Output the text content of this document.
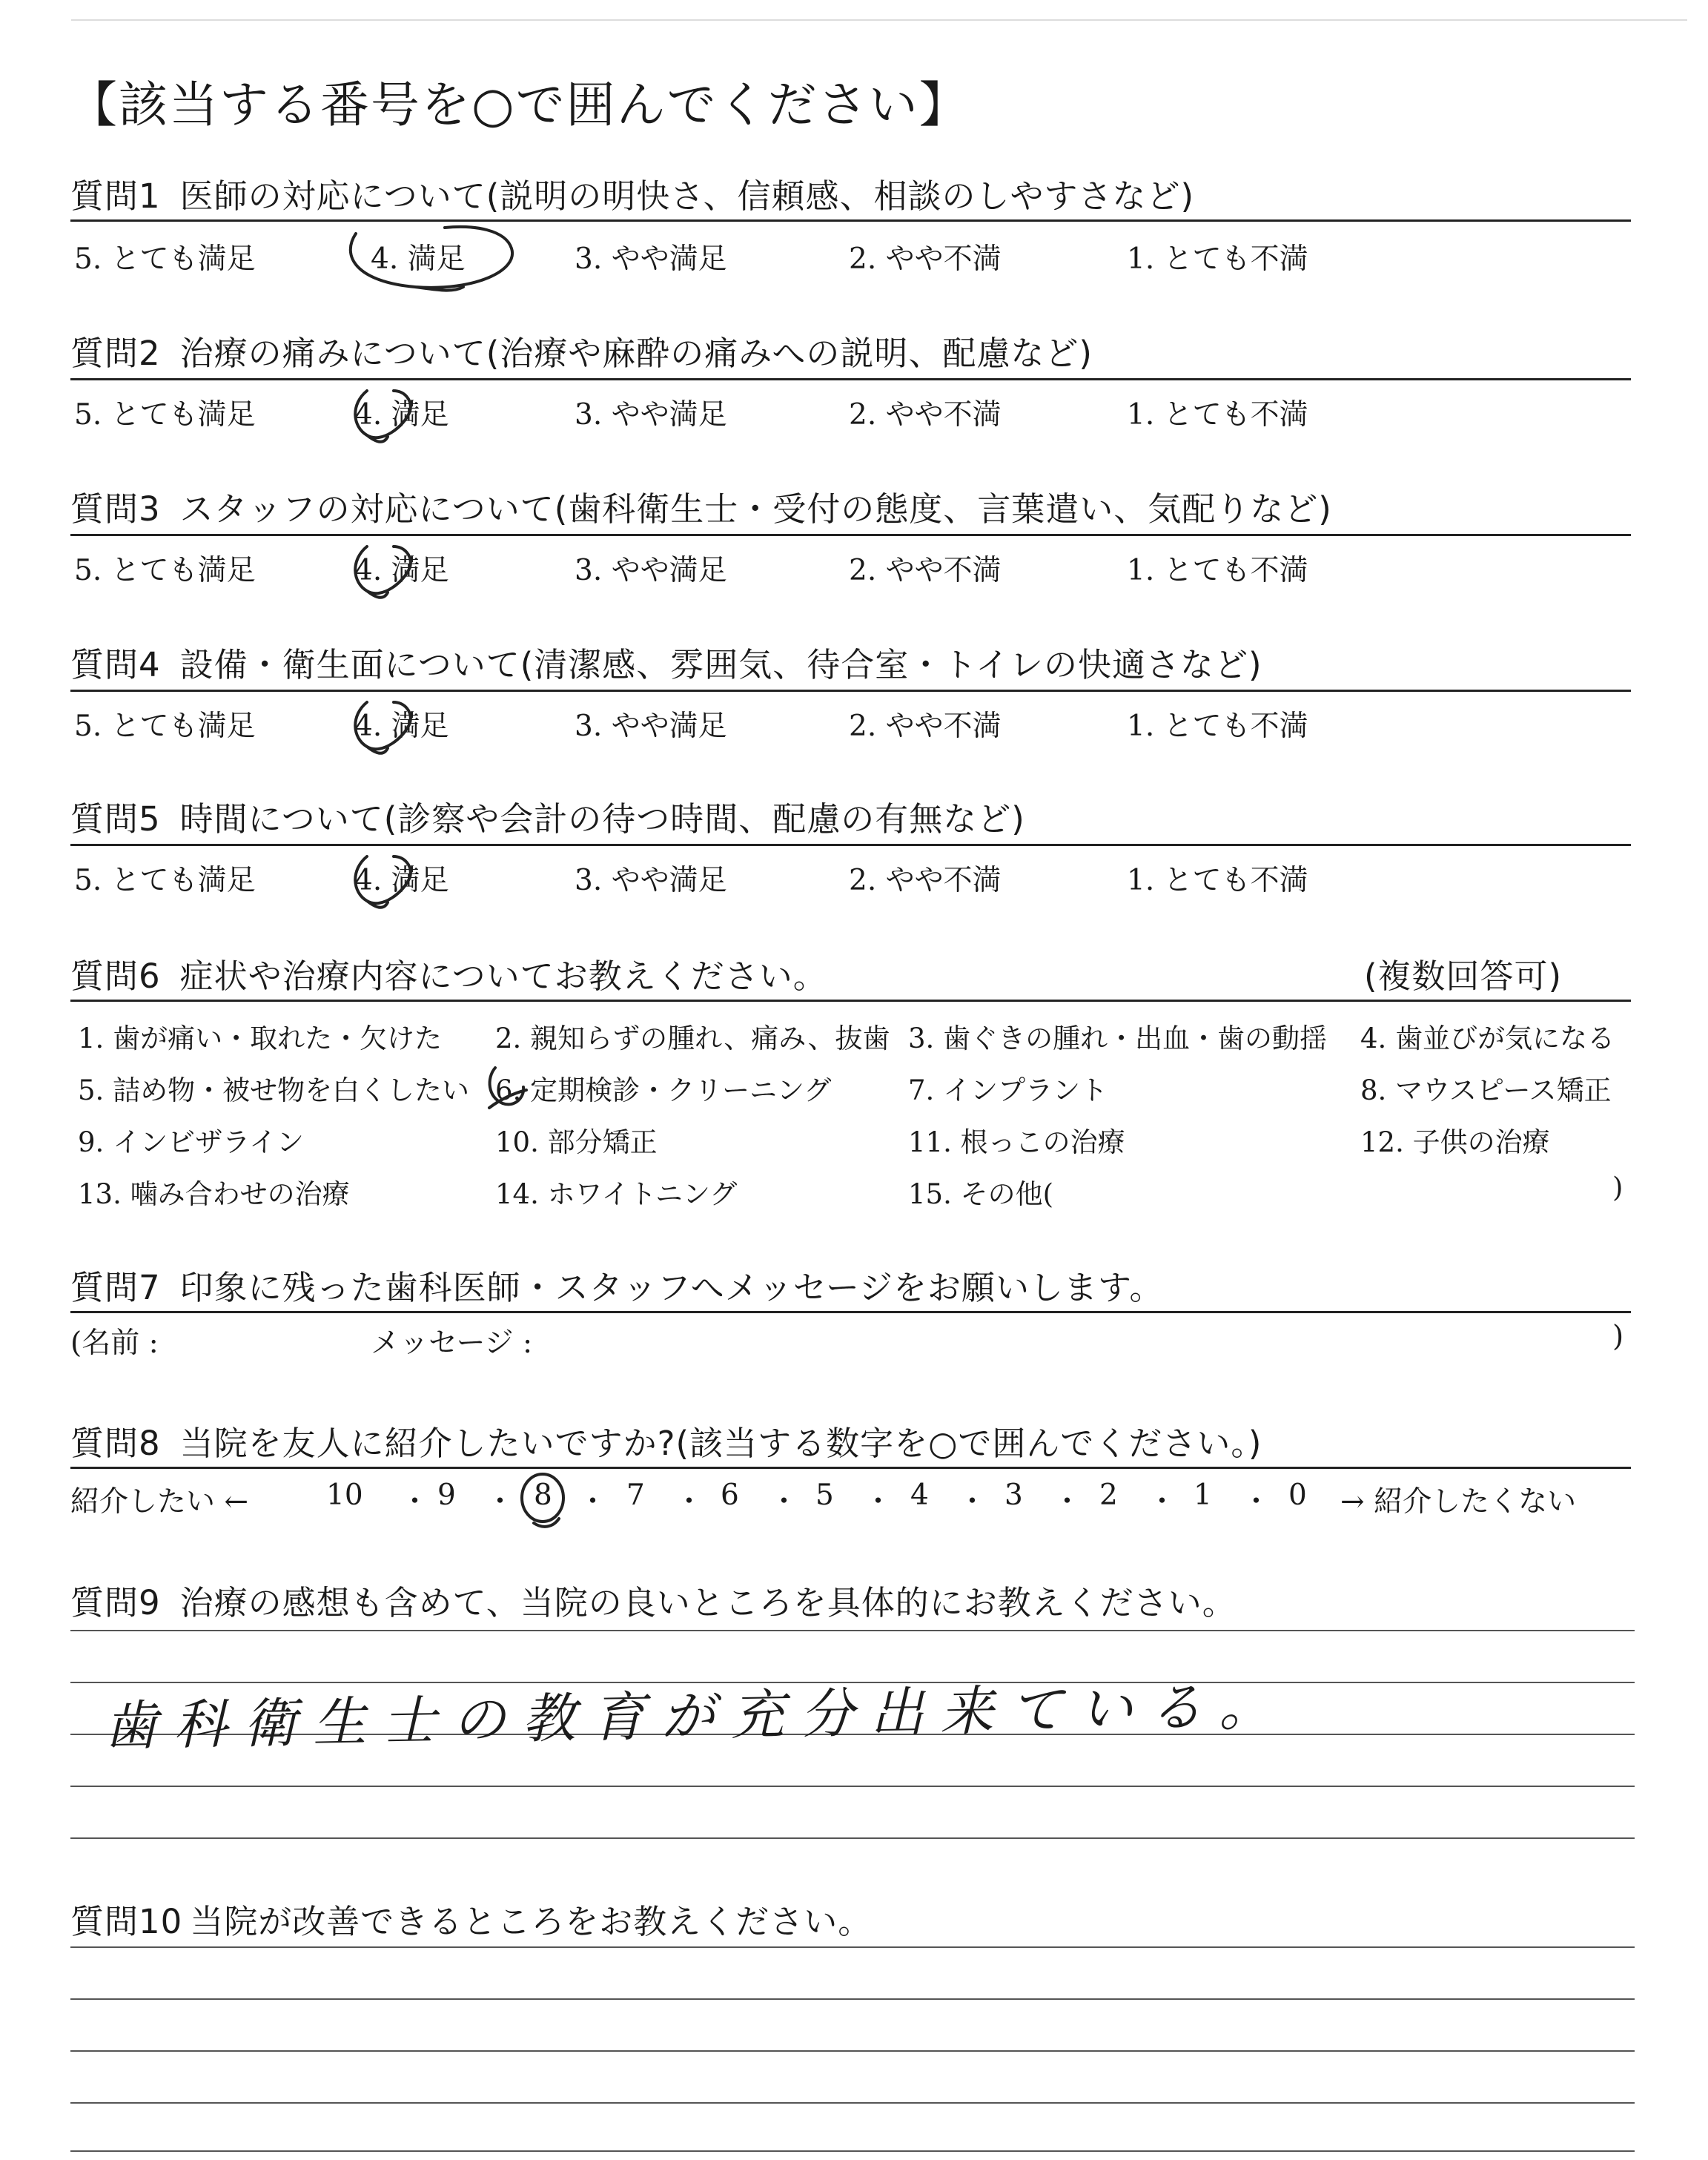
【該当する番号を○で囲んでください】
質問1 医師の対応について(説明の明快さ、信頼感、相談のしやすさなど)
5. とても満足	4. 満足	3. やや満足	2. やや不満	1. とても不満
質問2 治療の痛みについて(治療や麻酔の痛みへの説明、配慮など)
5. とても満足	4. 満足	3. やや満足	2. やや不満	1. とても不満
質問3 スタッフの対応について(歯科衛生士・受付の態度、言葉遣い、気配りなど)
5. とても満足	4. 満足	3. やや満足	2. やや不満	1. とても不満
質問4 設備・衛生面について(清潔感、雰囲気、待合室・トイレの快適さなど)
5. とても満足	4. 満足	3. やや満足	2. やや不満	1. とても不満
質問5 時間について(診察や会計の待つ時間、配慮の有無など)
5. とても満足	4. 満足	3. やや満足	2. やや不満	1. とても不満
質問6 症状や治療内容についてお教えください。	(複数回答可)
1. 歯が痛い・取れた・欠けた 2. 親知らずの腫れ、痛み、抜歯 3. 歯ぐきの腫れ・出血・歯の動揺 4. 歯並びが気になる
5. 詰め物・被せ物を白くしたい 6. 定期検診・クリーニング	7. インプラント	8. マウスピース矯正
9. インビザライン	10. 部分矯正	11. 根っこの治療	12. 子供の治療
13. 噛み合わせの治療	14. ホワイトニング	15. その他(	)
質問7 印象に残った歯科医師・スタッフへメッセージをお願いします。
(名前 :	メッセージ :	)
質問8 当院を友人に紹介したいですか?(該当する数字を○で囲んでください。)
紹介したい ←	→ 紹介したくない
10 ・ 9 ・ 8 ・ 7 ・ 6 ・ 5 ・ 4 ・ 3 ・ 2 ・ 1 ・ 0
質問9 治療の感想も含めて、当院の良いところを具体的にお教えください。
歯科衛生士の教育が充分出来ている。
質問10 当院が改善できるところをお教えください。
